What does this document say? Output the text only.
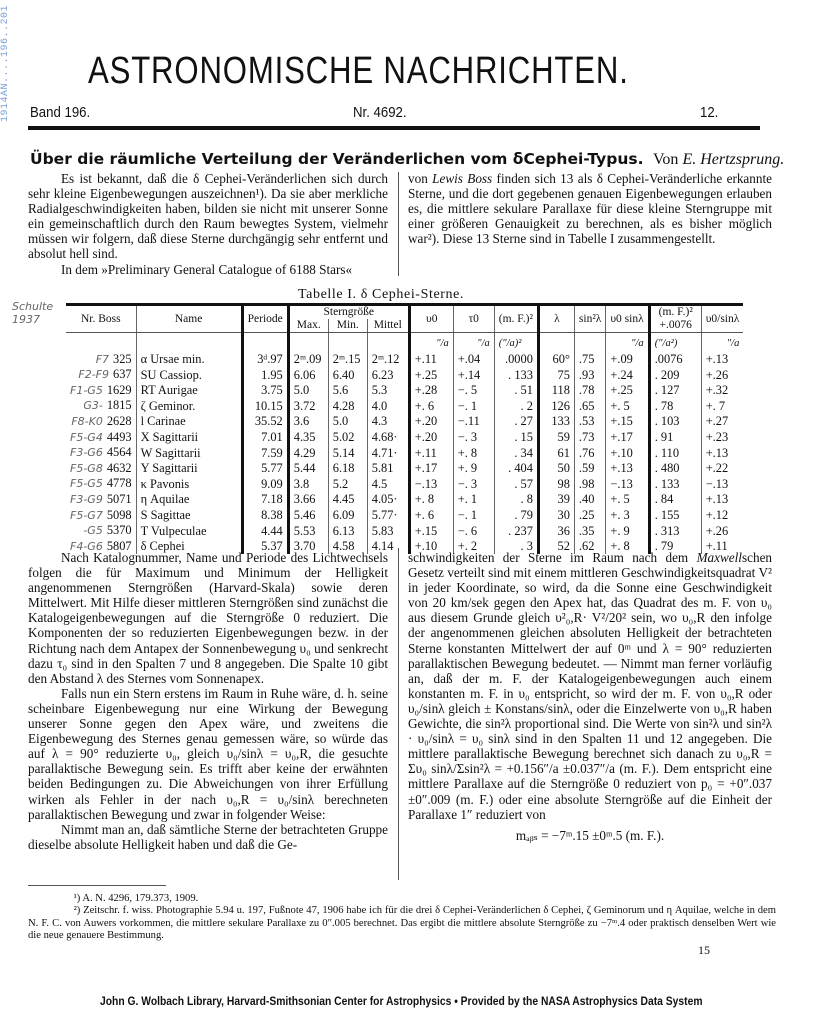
1914AN....196..201 ASTRONOMISCHE NACHRICHTEN.
Band 196.	Nr. 4692.	12.
Über die räumliche Verteilung der Veränderlichen vom δCephei-Typus. Von E. Hertzsprung.

Es ist bekannt, daß die δ Cephei-Veränderlichen sich durch sehr kleine Eigenbewegungen auszeichnen¹). Da sie aber merkliche Radialgeschwindigkeiten haben, bilden sie nicht mit unserer Sonne ein gemeinschaftlich durch den Raum bewegtes System, vielmehr müssen wir folgern, daß diese Sterne durchgängig sehr entfernt und absolut hell sind.

In dem »Preliminary General Catalogue of 6188 Stars«

von Lewis Boss finden sich 13 als δ Cephei-Veränderliche erkannte Sterne, und die dort gegebenen genauen Eigenbewegungen erlauben es, die mittlere sekulare Parallaxe für diese kleine Sterngruppe mit einer größeren Genauigkeit zu berechnen, als es bisher möglich war²). Diese 13 Sterne sind in Tabelle I zusammengestellt.

Tabelle I. δ Cephei-Sterne.
Schulte 1937	Nr. Boss	Name	Periode	Sterngröße			υ0	τ0	(m. F.)²	λ	sin²λ	υ0 sinλ	(m. F.)² +.0076	υ0/sinλ
			Max.	Min.	Mittel								
						″/a	″/a	(″/a)²			″/a	(″/a²)	″/a
F7 325	α Ursae min.	3ᵈ.97	2ᵐ.09	2ᵐ.15	2ᵐ.12	+.11	+.04	.0000	60°	.75	+.09	.0076	+.13
F2-F9 637	SU Cassiop.	1.95	6.06	6.40	6.23	+.25	+.14	. 133	75	.93	+.24	. 209	+.26
F1-G5 1629	RT Aurigae	3.75	5.0	5.6	5.3	+.28	−. 5	. 51	118	.78	+.25	. 127	+.32
G3- 1815	ζ Geminor.	10.15	3.72	4.28	4.0	+. 6	−. 1	. 2	126	.65	+. 5	. 78	+. 7
F8-K0 2628	l Carinae	35.52	3.6	5.0	4.3	+.20	−.11	. 27	133	.53	+.15	. 103	+.27
F5-G4 4493	X Sagittarii	7.01	4.35	5.02	4.68·	+.20	−. 3	. 15	59	.73	+.17	. 91	+.23
F3-G6 4564	W Sagittarii	7.59	4.29	5.14	4.71·	+.11	+. 8	. 34	61	.76	+.10	. 110	+.13
F5-G8 4632	Y Sagittarii	5.77	5.44	6.18	5.81	+.17	+. 9	. 404	50	.59	+.13	. 480	+.22
F5-G5 4778	κ Pavonis	9.09	3.8	5.2	4.5	−.13	−. 3	. 57	98	.98	−.13	. 133	−.13
F3-G9 5071	η Aquilae	7.18	3.66	4.45	4.05·	+. 8	+. 1	. 8	39	.40	+. 5	. 84	+.13
F5-G7 5098	S Sagittae	8.38	5.46	6.09	5.77·	+. 6	−. 1	. 79	30	.25	+. 3	. 155	+.12
-G5 5370	T Vulpeculae	4.44	5.53	6.13	5.83	+.15	−. 6	. 237	36	.35	+. 9	. 313	+.26
F4-G6 5807	δ Cephei	5.37	3.70	4.58	4.14	+.10	+. 2	. 3	52	.62	+. 8	. 79	+.11

Nach Katalognummer, Name und Periode des Lichtwechsels folgen die für Maximum und Minimum der Helligkeit angenommenen Sterngrößen (Harvard-Skala) sowie deren Mittelwert. Mit Hilfe dieser mittleren Sterngrößen sind zunächst die Katalogeigenbewegungen auf die Sterngröße 0 reduziert. Die Komponenten der so reduzierten Eigenbewegungen bezw. in der Richtung nach dem Antapex der Sonnenbewegung υ₀ und senkrecht dazu τ₀ sind in den Spalten 7 und 8 angegeben. Die Spalte 10 gibt den Abstand λ des Sternes vom Sonnenapex.

Falls nun ein Stern erstens im Raum in Ruhe wäre, d. h. seine scheinbare Eigenbewegung nur eine Wirkung der Bewegung unserer Sonne gegen den Apex wäre, und zweitens die Eigenbewegung des Sternes genau gemessen wäre, so würde das auf λ = 90° reduzierte υ₀, gleich υ₀/sinλ = υ₀,R, die gesuchte parallaktische Bewegung sein. Es trifft aber keine der erwähnten beiden Bedingungen zu. Die Abweichungen von ihrer Erfüllung wirken als Fehler in der nach υ₀,R = υ₀/sinλ berechneten parallaktischen Bewegung und zwar in folgender Weise:

Nimmt man an, daß sämtliche Sterne der betrachteten Gruppe dieselbe absolute Helligkeit haben und daß die Ge-

schwindigkeiten der Sterne im Raum nach dem Maxwellschen Gesetz verteilt sind mit einem mittleren Geschwindigkeitsquadrat V² in jeder Koordinate, so wird, da die Sonne eine Geschwindigkeit von 20 km/sek gegen den Apex hat, das Quadrat des m. F. von υ₀ aus diesem Grunde gleich υ²₀,R· V²/20² sein, wo υ₀,R den infolge der angenommenen gleichen absoluten Helligkeit der betrachteten Sterne konstanten Mittelwert der auf 0ᵐ und λ = 90° reduzierten parallaktischen Bewegung bedeutet. — Nimmt man ferner vorläufig an, daß der m. F. der Katalogeigenbewegungen auch einem konstanten m. F. in υ₀ entspricht, so wird der m. F. von υ₀,R oder υ₀/sinλ gleich ± Konstans/sinλ, oder die Einzelwerte von υ₀,R haben Gewichte, die sin²λ proportional sind. Die Werte von sin²λ und sin²λ · υ₀/sinλ = υ₀ sinλ sind in den Spalten 11 und 12 angegeben. Die mittlere parallaktische Bewegung berechnet sich danach zu υ₀,R = Συ₀ sinλ/Σsin²λ = +0.156″/a ±0.037″/a (m. F.). Dem entspricht eine mittlere Parallaxe auf die Sterngröße 0 reduziert von p₀ = +0″.037 ±0″.009 (m. F.) oder eine absolute Sterngröße auf die Einheit der Parallaxe 1″ reduziert von

mₐᵦₛ = −7ᵐ.15 ±0ᵐ.5 (m. F.).

¹) A. N. 4296, 179.373, 1909.

²) Zeitschr. f. wiss. Photographie 5.94 u. 197, Fußnote 47, 1906 habe ich für die drei δ Cephei-Veränderlichen δ Cephei, ζ Geminorum und η Aquilae, welche in dem N. F. C. von Auwers vorkommen, die mittlere sekulare Parallaxe zu 0″.005 berechnet. Das ergibt die mittlere absolute Sterngröße zu −7ᵐ.4 oder praktisch denselben Wert wie die neue genauere Bestimmung.

15
John G. Wolbach Library, Harvard-Smithsonian Center for Astrophysics • Provided by the NASA Astrophysics Data System
